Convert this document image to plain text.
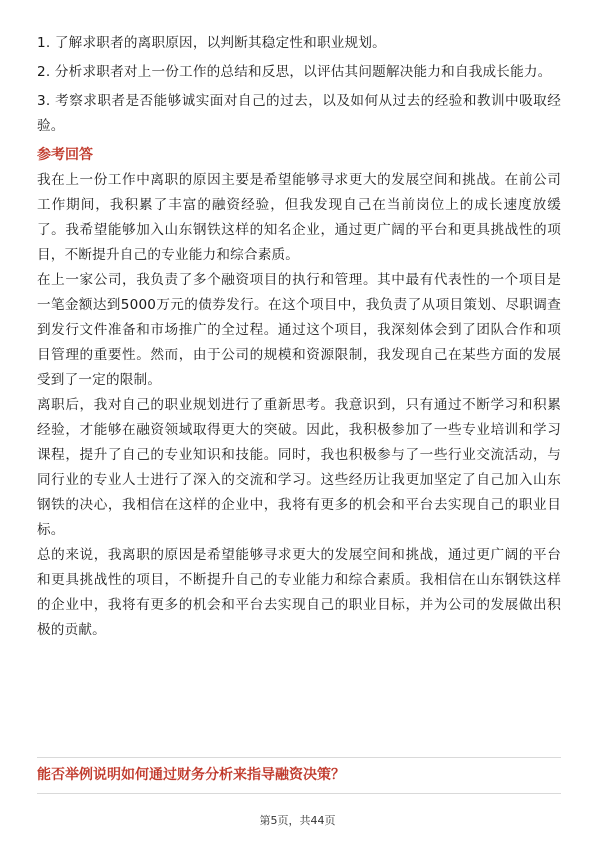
1. 了解求职者的离职原因，以判断其稳定性和职业规划。

2. 分析求职者对上一份工作的总结和反思，以评估其问题解决能力和自我成长能力。

3. 考察求职者是否能够诚实面对自己的过去，以及如何从过去的经验和教训中吸取经验。

参考回答

我在上一份工作中离职的原因主要是希望能够寻求更大的发展空间和挑战。在前公司工作期间，我积累了丰富的融资经验，但我发现自己在当前岗位上的成长速度放缓了。我希望能够加入山东钢铁这样的知名企业，通过更广阔的平台和更具挑战性的项目，不断提升自己的专业能力和综合素质。

在上一家公司，我负责了多个融资项目的执行和管理。其中最有代表性的一个项目是一笔金额达到5000万元的债券发行。在这个项目中，我负责了从项目策划、尽职调查到发行文件准备和市场推广的全过程。通过这个项目，我深刻体会到了团队合作和项目管理的重要性。然而，由于公司的规模和资源限制，我发现自己在某些方面的发展受到了一定的限制。

离职后，我对自己的职业规划进行了重新思考。我意识到，只有通过不断学习和积累经验，才能够在融资领域取得更大的突破。因此，我积极参加了一些专业培训和学习课程，提升了自己的专业知识和技能。同时，我也积极参与了一些行业交流活动，与同行业的专业人士进行了深入的交流和学习。这些经历让我更加坚定了自己加入山东钢铁的决心，我相信在这样的企业中，我将有更多的机会和平台去实现自己的职业目标。

总的来说，我离职的原因是希望能够寻求更大的发展空间和挑战，通过更广阔的平台和更具挑战性的项目，不断提升自己的专业能力和综合素质。我相信在山东钢铁这样的企业中，我将有更多的机会和平台去实现自己的职业目标，并为公司的发展做出积极的贡献。

能否举例说明如何通过财务分析来指导融资决策？

第5页，共44页
